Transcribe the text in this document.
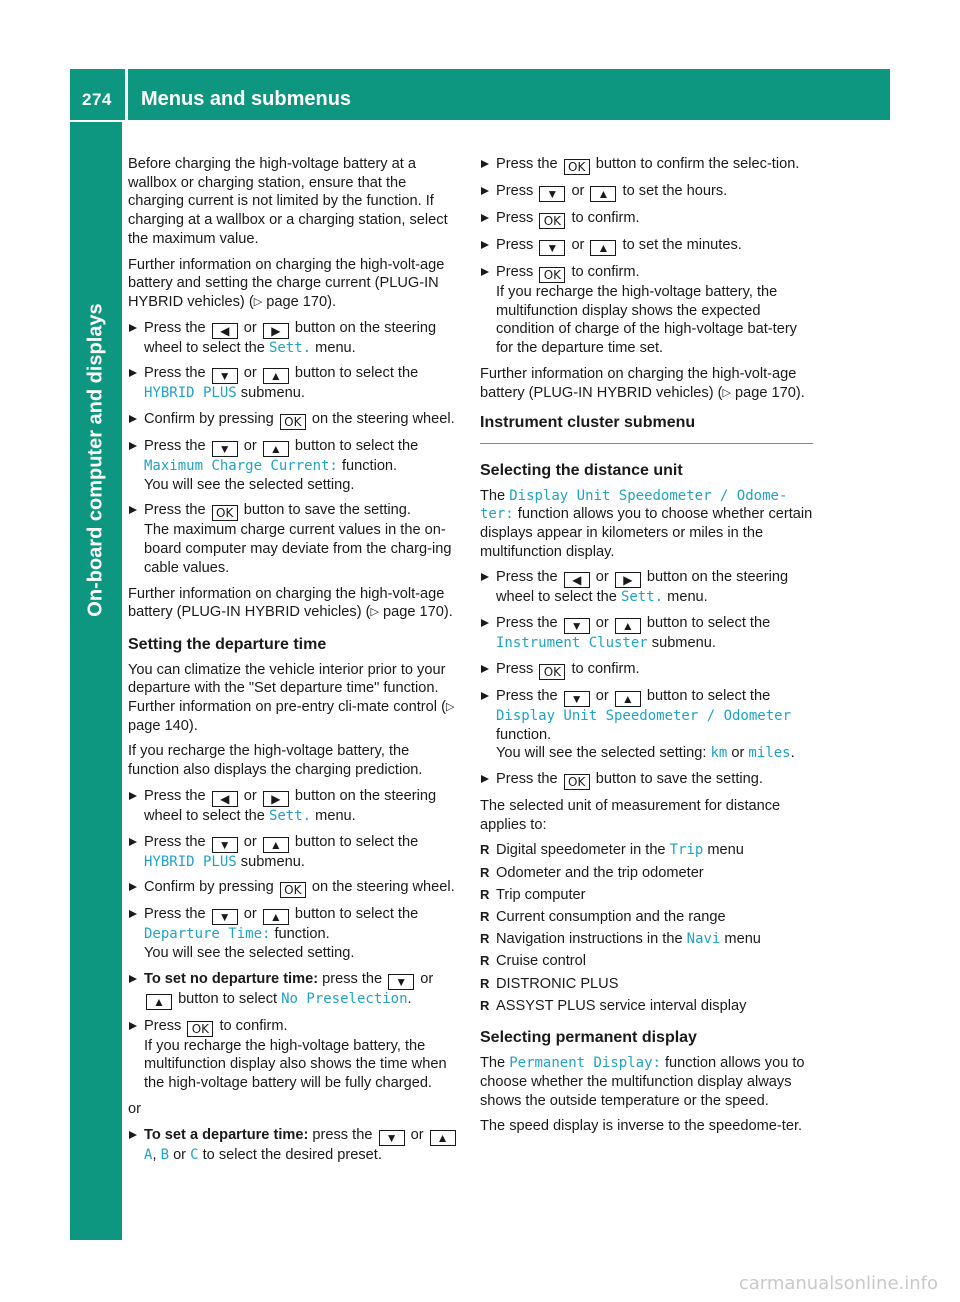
274 Menus and submenus
On-board computer and displays

Before charging the high-voltage battery at a wallbox or charging station, ensure that the charging current is not limited by the function. If charging at a wallbox or a charging station, select the maximum value.

Further information on charging the high-volt-age battery and setting the charge current (PLUG-IN HYBRID vehicles) (▷ page 170).

Press the ◀ or ▶ button on the steering wheel to select the Sett. menu.
Press the ▼ or ▲ button to select the HYBRID PLUS submenu.
Confirm by pressing OK on the steering wheel.
Press the ▼ or ▲ button to select the Maximum Charge Current: function.
You will see the selected setting.
Press the OK button to save the setting.
The maximum charge current values in the on-board computer may deviate from the charg-ing cable values.

Further information on charging the high-volt-age battery (PLUG-IN HYBRID vehicles) (▷ page 170).

Setting the departure time

You can climatize the vehicle interior prior to your departure with the "Set departure time" function. Further information on pre-entry cli-mate control (▷ page 140).

If you recharge the high-voltage battery, the function also displays the charging prediction.

Press the ◀ or ▶ button on the steering wheel to select the Sett. menu.
Press the ▼ or ▲ button to select the HYBRID PLUS submenu.
Confirm by pressing OK on the steering wheel.
Press the ▼ or ▲ button to select the Departure Time: function.
You will see the selected setting.
To set no departure time: press the ▼ or ▲ button to select No Preselection.
Press OK to confirm.
If you recharge the high-voltage battery, the multifunction display also shows the time when the high-voltage battery will be fully charged.

or

To set a departure time: press the ▼ or ▲ A, B or C to select the desired preset.
Press the OK button to confirm the selec-tion.
Press ▼ or ▲ to set the hours.
Press OK to confirm.
Press ▼ or ▲ to set the minutes.
Press OK to confirm.
If you recharge the high-voltage battery, the multifunction display shows the expected condition of charge of the high-voltage bat-tery for the departure time set.

Further information on charging the high-volt-age battery (PLUG-IN HYBRID vehicles) (▷ page 170).

Instrument cluster submenu
Selecting the distance unit

The Display Unit Speedometer / Odome-ter: function allows you to choose whether certain displays appear in kilometers or miles in the multifunction display.

Press the ◀ or ▶ button on the steering wheel to select the Sett. menu.
Press the ▼ or ▲ button to select the Instrument Cluster submenu.
Press OK to confirm.
Press the ▼ or ▲ button to select the Display Unit Speedometer / Odometer function.
You will see the selected setting: km or miles.
Press the OK button to save the setting.

The selected unit of measurement for distance applies to:

R Digital speedometer in the Trip menu
R Odometer and the trip odometer
R Trip computer
R Current consumption and the range
R Navigation instructions in the Navi menu
R Cruise control
R DISTRONIC PLUS
R ASSYST PLUS service interval display
Selecting permanent display

The Permanent Display: function allows you to choose whether the multifunction display always shows the outside temperature or the speed.

The speed display is inverse to the speedome-ter.

carmanualsonline.info
